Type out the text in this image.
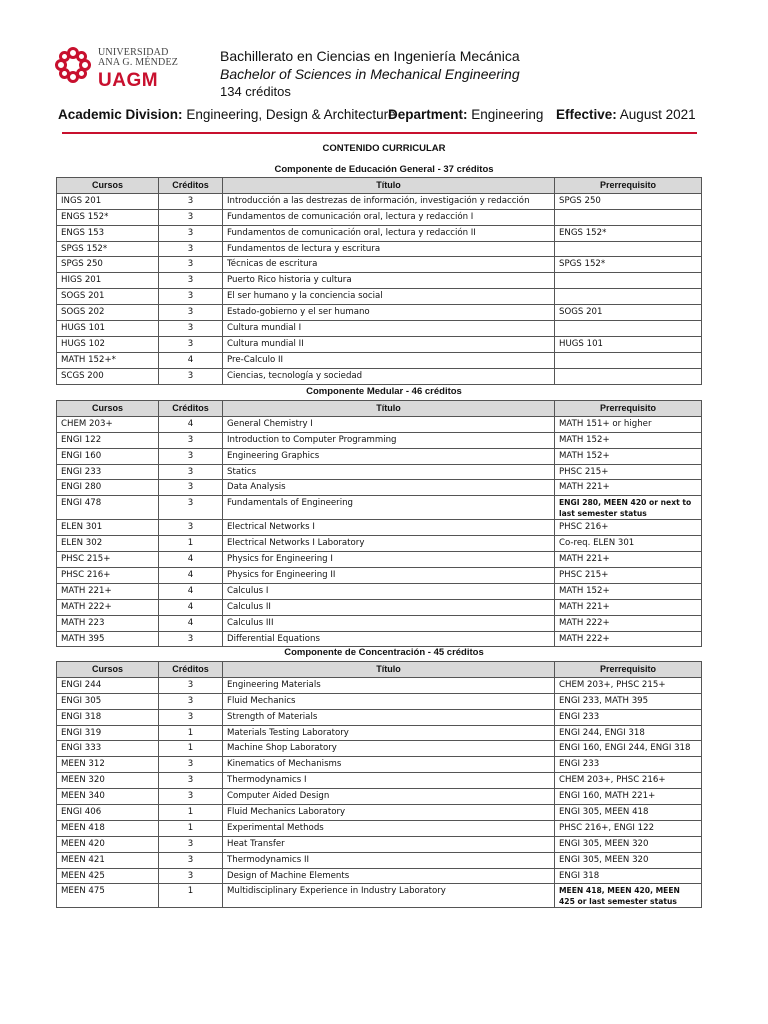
UNIVERSIDAD
ANA G. MÉNDEZ
UAGM
Bachillerato en Ciencias en Ingeniería Mecánica
Bachelor of Sciences in Mechanical Engineering
134 créditos
Academic Division: Engineering, Design & Architecture
Department: Engineering Effective: August 2021
CONTENIDO CURRICULAR
Componente de Educación General - 37 créditos
Cursos	Créditos	Título	Prerrequisito
INGS 201	3	Introducción a las destrezas de información, investigación y redacción	SPGS 250
ENGS 152*	3	Fundamentos de comunicación oral, lectura y redacción I	
ENGS 153	3	Fundamentos de comunicación oral, lectura y redacción II	ENGS 152*
SPGS 152*	3	Fundamentos de lectura y escritura	
SPGS 250	3	Técnicas de escritura	SPGS 152*
HIGS 201	3	Puerto Rico historia y cultura	
SOGS 201	3	El ser humano y la conciencia social	
SOGS 202	3	Estado-gobierno y el ser humano	SOGS 201
HUGS 101	3	Cultura mundial I	
HUGS 102	3	Cultura mundial II	HUGS 101
MATH 152+*	4	Pre-Calculo II	
SCGS 200	3	Ciencias, tecnología y sociedad	
Componente Medular - 46 créditos
Cursos	Créditos	Título	Prerrequisito
CHEM 203+	4	General Chemistry I	MATH 151+ or higher
ENGI 122	3	Introduction to Computer Programming	MATH 152+
ENGI 160	3	Engineering Graphics	MATH 152+
ENGI 233	3	Statics	PHSC 215+
ENGI 280	3	Data Analysis	MATH 221+
ENGI 478	3	Fundamentals of Engineering	ENGI 280, MEEN 420 or next to last semester status

ELEN 301	3	Electrical Networks I	PHSC 216+
ELEN 302	1	Electrical Networks I Laboratory	Co-req. ELEN 301
PHSC 215+	4	Physics for Engineering I	MATH 221+
PHSC 216+	4	Physics for Engineering II	PHSC 215+
MATH 221+	4	Calculus I	MATH 152+
MATH 222+	4	Calculus II	MATH 221+
MATH 223	4	Calculus III	MATH 222+
MATH 395	3	Differential Equations	MATH 222+
Componente de Concentración - 45 créditos
Cursos	Créditos	Título	Prerrequisito
ENGI 244	3	Engineering Materials	CHEM 203+, PHSC 215+
ENGI 305	3	Fluid Mechanics	ENGI 233, MATH 395
ENGI 318	3	Strength of Materials	ENGI 233
ENGI 319	1	Materials Testing Laboratory	ENGI 244, ENGI 318
ENGI 333	1	Machine Shop Laboratory	ENGI 160, ENGI 244, ENGI 318
MEEN 312	3	Kinematics of Mechanisms	ENGI 233
MEEN 320	3	Thermodynamics I	CHEM 203+, PHSC 216+
MEEN 340	3	Computer Aided Design	ENGI 160, MATH 221+
ENGI 406	1	Fluid Mechanics Laboratory	ENGI 305, MEEN 418
MEEN 418	1	Experimental Methods	PHSC 216+, ENGI 122
MEEN 420	3	Heat Transfer	ENGI 305, MEEN 320
MEEN 421	3	Thermodynamics II	ENGI 305, MEEN 320
MEEN 425	3	Design of Machine Elements	ENGI 318
MEEN 475	1	Multidisciplinary Experience in Industry Laboratory	MEEN 418, MEEN 420, MEEN 425 or last semester status
